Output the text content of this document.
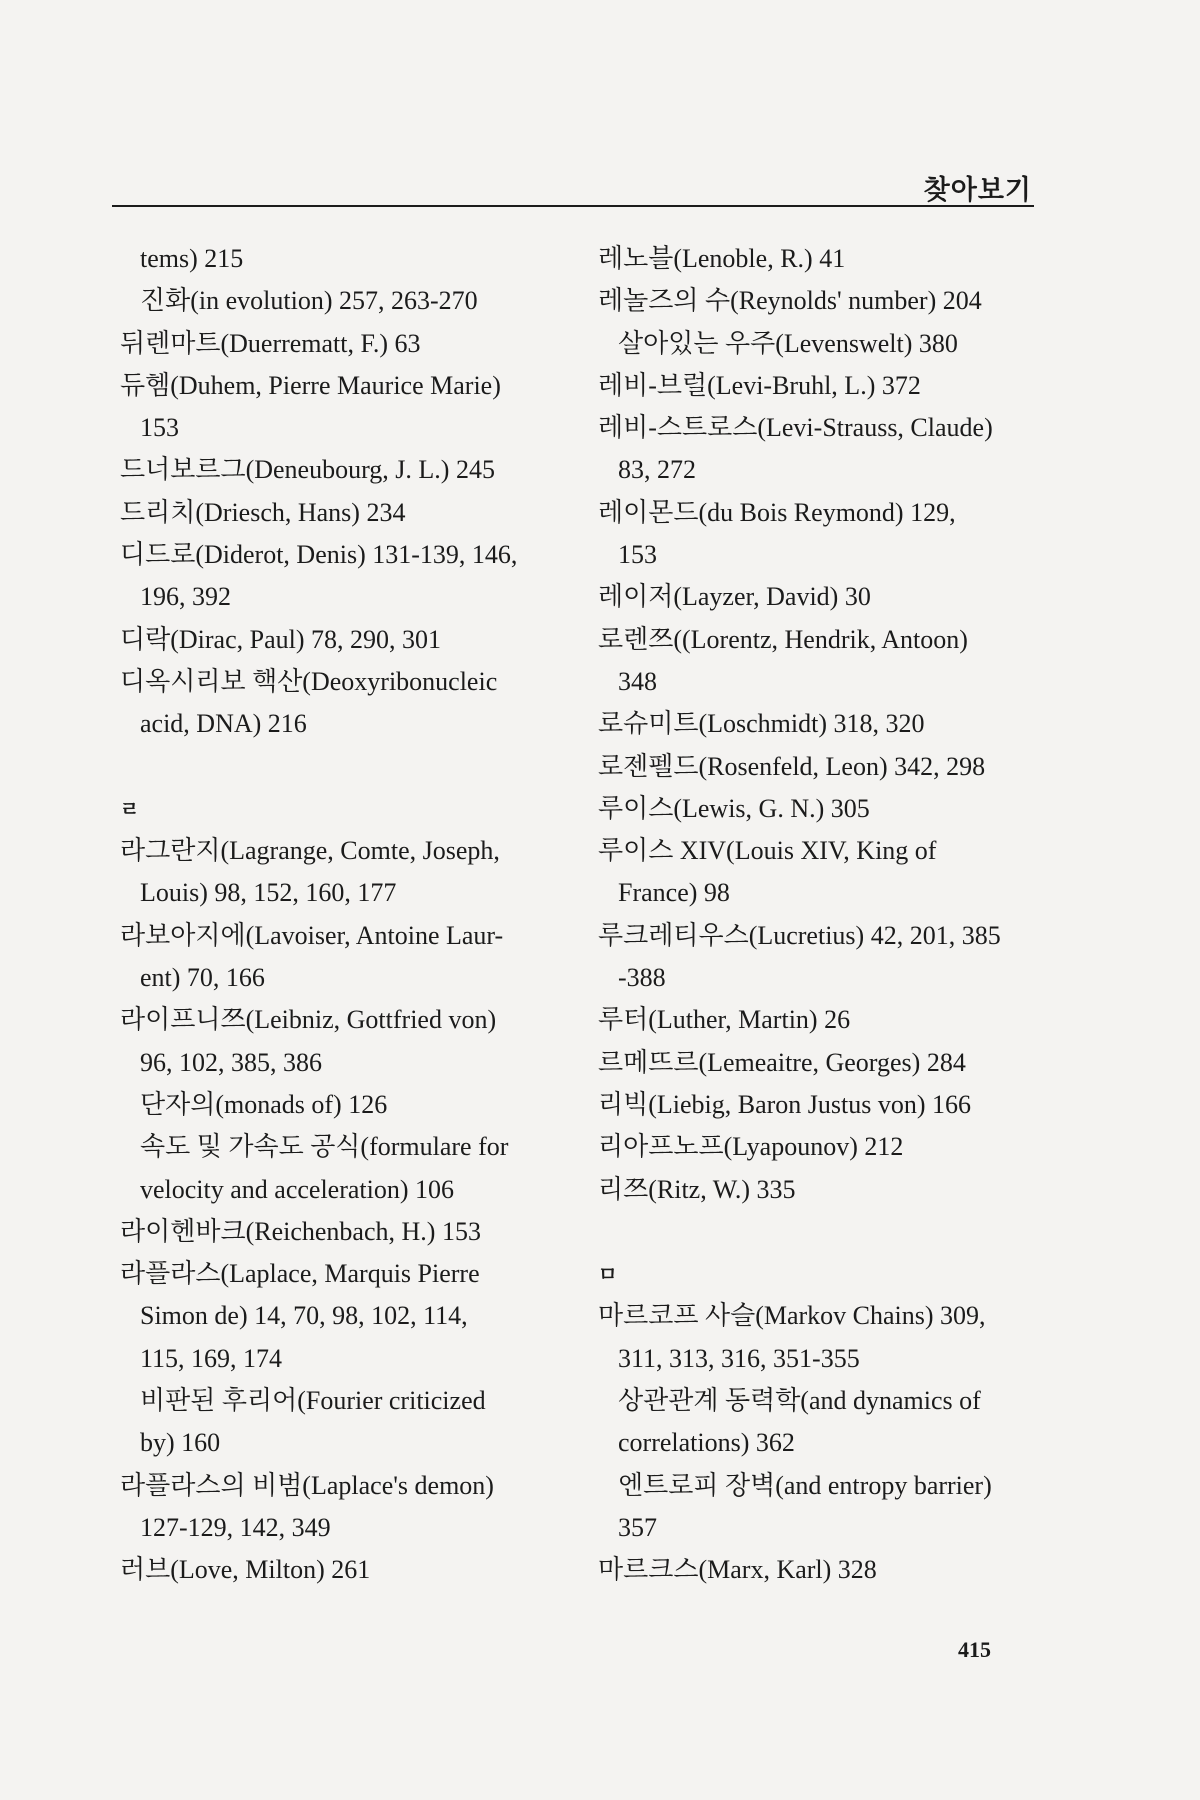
찾아보기
tems) 215
진화(in evolution) 257, 263-270
뒤렌마트(Duerrematt, F.) 63
듀헴(Duhem, Pierre Maurice Marie)
153
드너보르그(Deneubourg, J. L.) 245
드리치(Driesch, Hans) 234
디드로(Diderot, Denis) 131-139, 146,
196, 392
디락(Dirac, Paul) 78, 290, 301
디옥시리보 핵산(Deoxyribonucleic
acid, DNA) 216
ㄹ
라그란지(Lagrange, Comte, Joseph,
Louis) 98, 152, 160, 177
라보아지에(Lavoiser, Antoine Laur-
ent) 70, 166
라이프니쯔(Leibniz, Gottfried von)
96, 102, 385, 386
단자의(monads of) 126
속도 및 가속도 공식(formulare for
velocity and acceleration) 106
라이헨바크(Reichenbach, H.) 153
라플라스(Laplace, Marquis Pierre
Simon de) 14, 70, 98, 102, 114,
115, 169, 174
비판된 후리어(Fourier criticized
by) 160
라플라스의 비범(Laplace's demon)
127-129, 142, 349
러브(Love, Milton) 261
레노블(Lenoble, R.) 41
레놀즈의 수(Reynolds' number) 204
살아있는 우주(Levenswelt) 380
레비-브럴(Levi-Bruhl, L.) 372
레비-스트로스(Levi-Strauss, Claude)
83, 272
레이몬드(du Bois Reymond) 129,
153
레이저(Layzer, David) 30
로렌쯔((Lorentz, Hendrik, Antoon)
348
로슈미트(Loschmidt) 318, 320
로젠펠드(Rosenfeld, Leon) 342, 298
루이스(Lewis, G. N.) 305
루이스 XIV(Louis XIV, King of
France) 98
루크레티우스(Lucretius) 42, 201, 385
-388
루터(Luther, Martin) 26
르메뜨르(Lemeaitre, Georges) 284
리빅(Liebig, Baron Justus von) 166
리아프노프(Lyapounov) 212
리쯔(Ritz, W.) 335
ㅁ
마르코프 사슬(Markov Chains) 309,
311, 313, 316, 351-355
상관관계 동력학(and dynamics of
correlations) 362
엔트로피 장벽(and entropy barrier)
357
마르크스(Marx, Karl) 328
415
